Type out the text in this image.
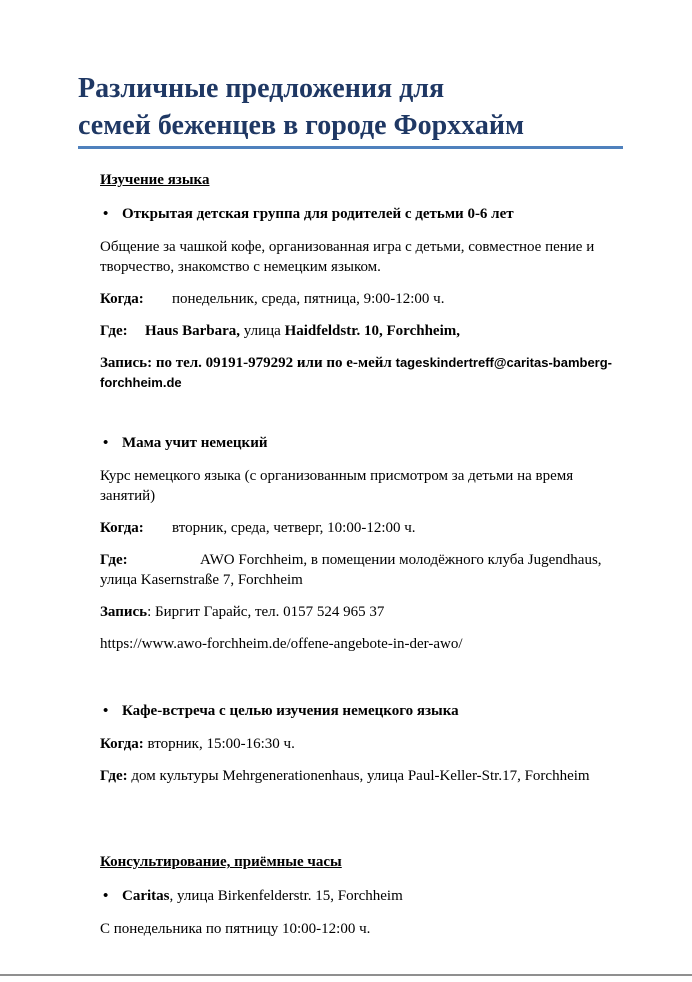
Различные предложения для
семей беженцев в городе Форххайм
Изучение языка
• Открытая детская группа для родителей с детьми 0-6 лет

Общение за чашкой кофе, организованная игра с детьми, совместное пение и творчество, знакомство с немецким языком.

Когда: понедельник, среда, пятница, 9:00-12:00 ч.

Где: Haus Barbara, улица Haidfeldstr. 10, Forchheim,

Запись: по тел. 09191-979292 или по е-мейл tageskindertreff@caritas-bamberg-forchheim.de

• Мама учит немецкий

Курс немецкого языка (с организованным присмотром за детьми на время занятий)

Когда: вторник, среда, четверг, 10:00-12:00 ч.

Где:	AWO Forchheim, в помещении молодёжного клуба Jugendhaus, улица Kasernstraße 7, Forchheim

Запись: Биргит Гарайс, тел. 0157 524 965 37

https://www.awo-forchheim.de/offene-angebote-in-der-awo/

• Кафе-встреча с целью изучения немецкого языка

Когда: вторник, 15:00-16:30 ч.

Где: дом культуры Mehrgenerationenhaus, улица Paul-Keller-Str.17, Forchheim

Консультирование, приёмные часы
• Caritas, улица Birkenfelderstr. 15, Forchheim

С понедельника по пятницу 10:00-12:00 ч.
